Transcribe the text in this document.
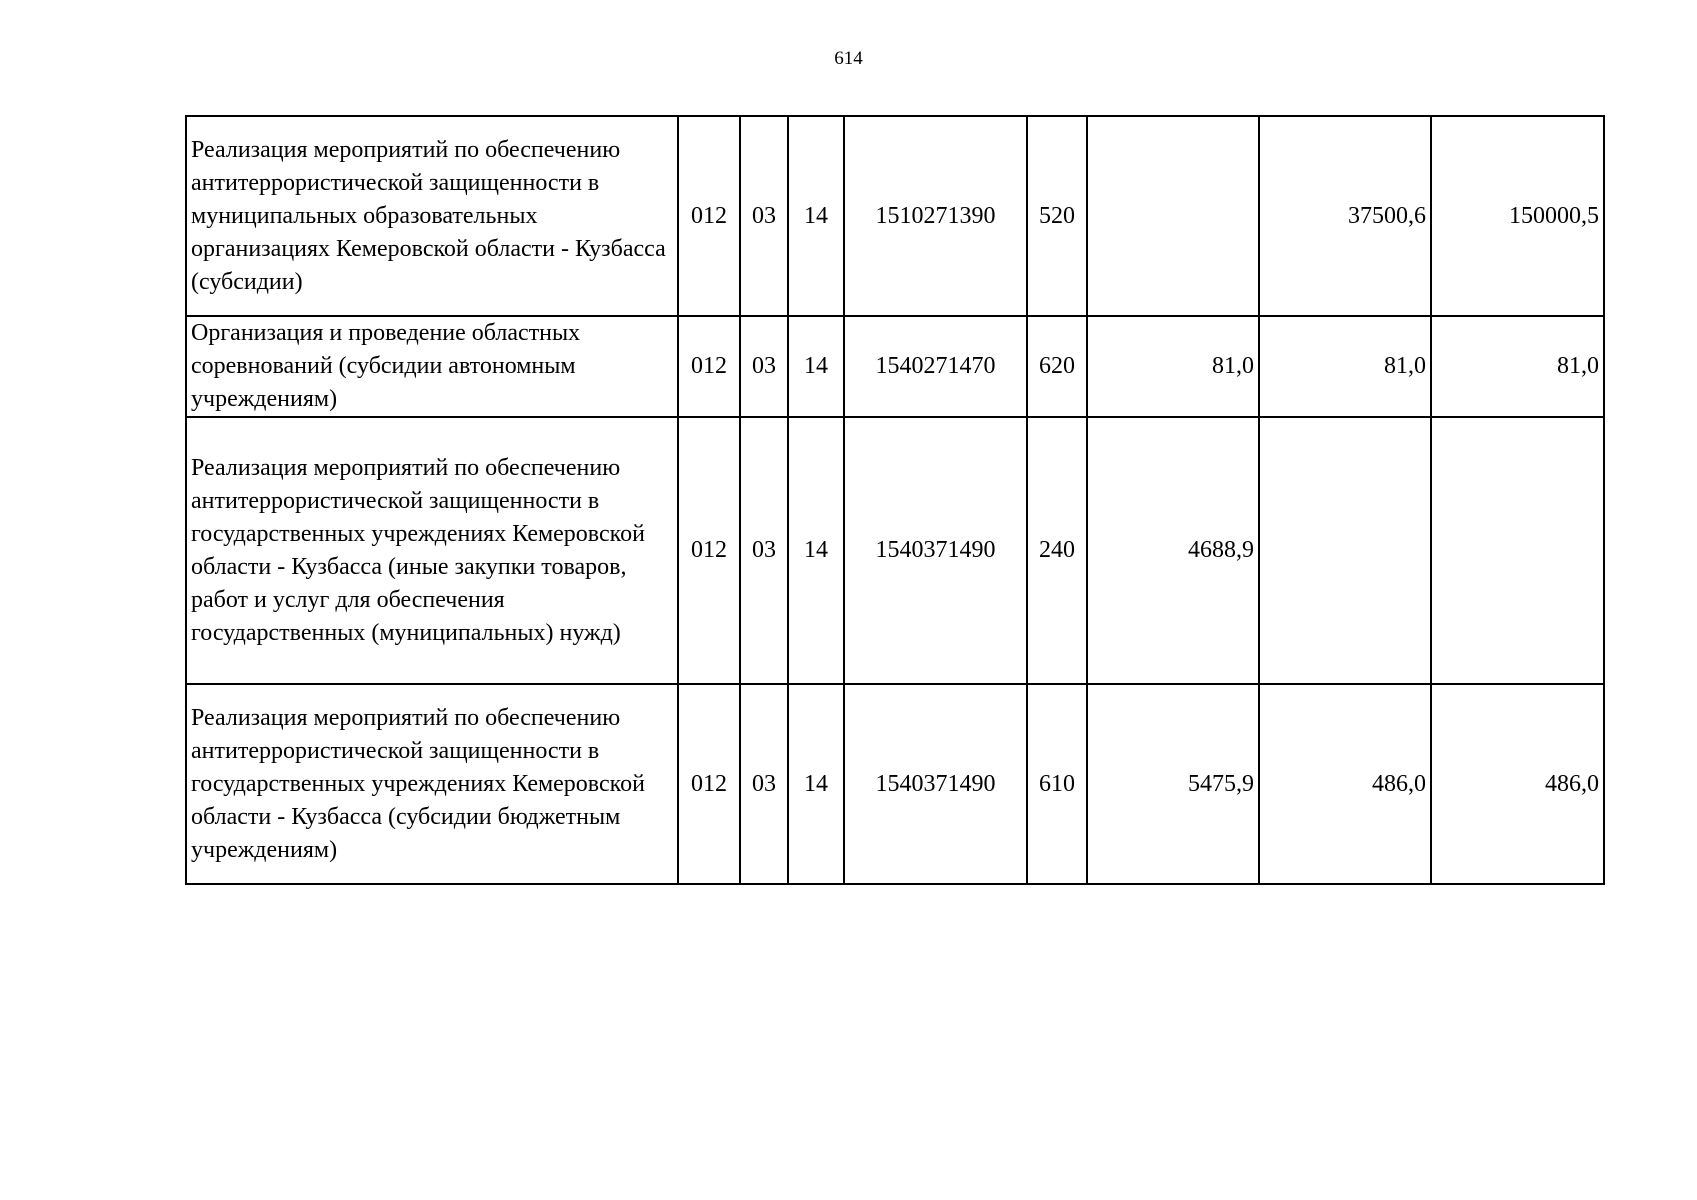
614
Реализация мероприятий по обеспечению антитеррористической защищенности в муниципальных образовательных организациях Кемеровской области - Кузбасса (субсидии)	012	03	14	1510271390	520		37500,6	150000,5
Организация и проведение областных соревнований (субсидии автономным учреждениям)	012	03	14	1540271470	620	81,0	81,0	81,0
Реализация мероприятий по обеспечению антитеррористической защищенности в государственных учреждениях Кемеровской области - Кузбасса (иные закупки товаров, работ и услуг для обеспечения государственных (муниципальных) нужд)	012	03	14	1540371490	240	4688,9		
Реализация мероприятий по обеспечению антитеррористической защищенности в государственных учреждениях Кемеровской области - Кузбасса (субсидии бюджетным учреждениям)	012	03	14	1540371490	610	5475,9	486,0	486,0
